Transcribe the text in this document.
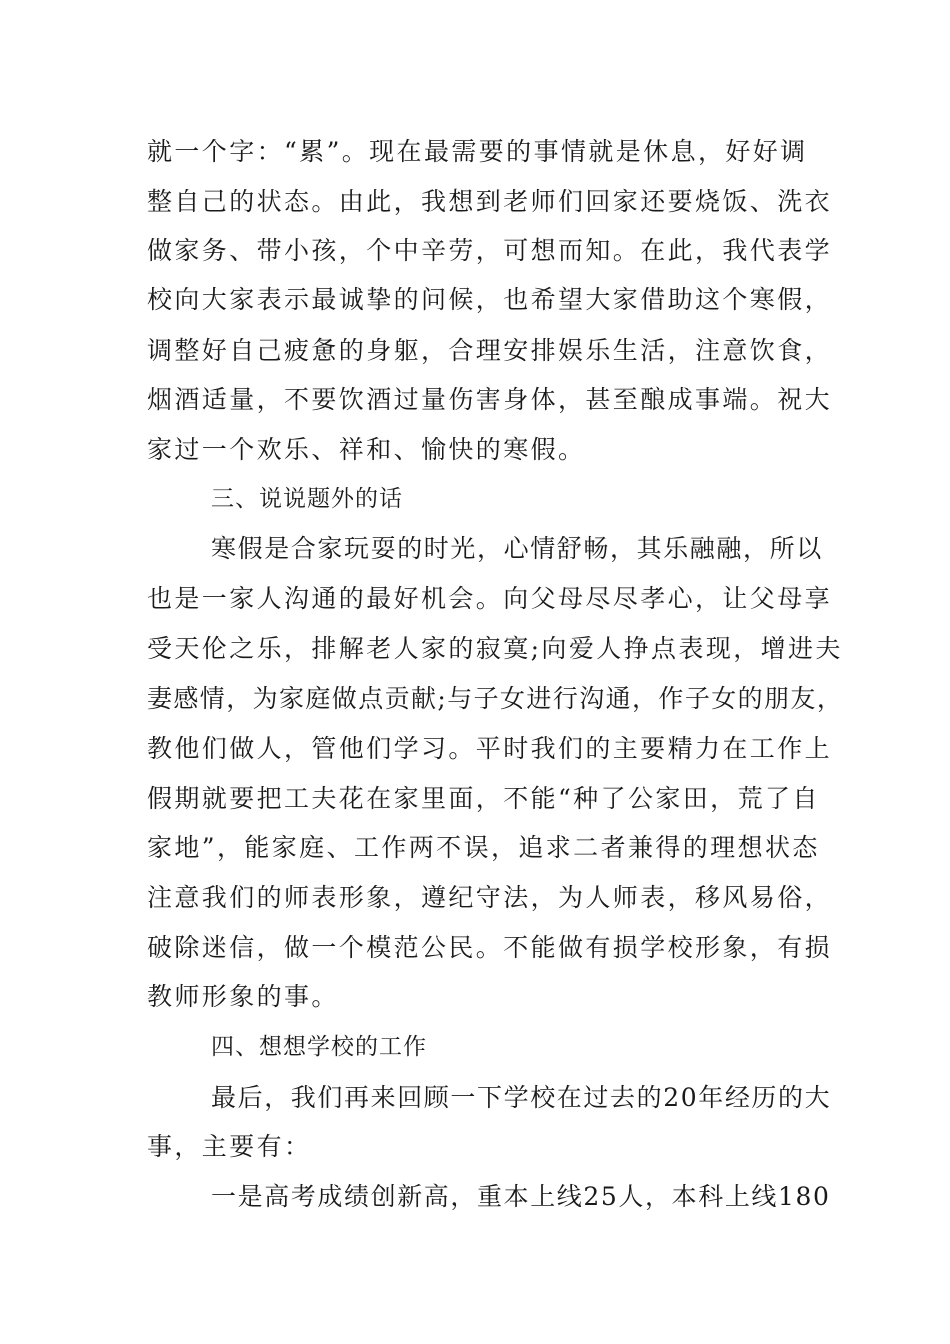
就一个字：“累”。现在最需要的事情就是休息，好好调
整自己的状态。由此，我想到老师们回家还要烧饭、洗衣
做家务、带小孩，个中辛劳，可想而知。在此，我代表学
校向大家表示最诚挚的问候，也希望大家借助这个寒假，
调整好自己疲惫的身躯，合理安排娱乐生活，注意饮食，
烟酒适量，不要饮酒过量伤害身体，甚至酿成事端。祝大
家过一个欢乐、祥和、愉快的寒假。
三、说说题外的话
寒假是合家玩耍的时光，心情舒畅，其乐融融，所以
也是一家人沟通的最好机会。向父母尽尽孝心，让父母享
受天伦之乐，排解老人家的寂寞;向爱人挣点表现，增进夫
妻感情，为家庭做点贡献;与子女进行沟通，作子女的朋友，
教他们做人，管他们学习。平时我们的主要精力在工作上
假期就要把工夫花在家里面，不能“种了公家田，荒了自
家地”，能家庭、工作两不误，追求二者兼得的理想状态
注意我们的师表形象，遵纪守法，为人师表，移风易俗，
破除迷信，做一个模范公民。不能做有损学校形象，有损
教师形象的事。
四、想想学校的工作
最后，我们再来回顾一下学校在过去的20年经历的大
事，主要有：
一是高考成绩创新高，重本上线25人，本科上线180
